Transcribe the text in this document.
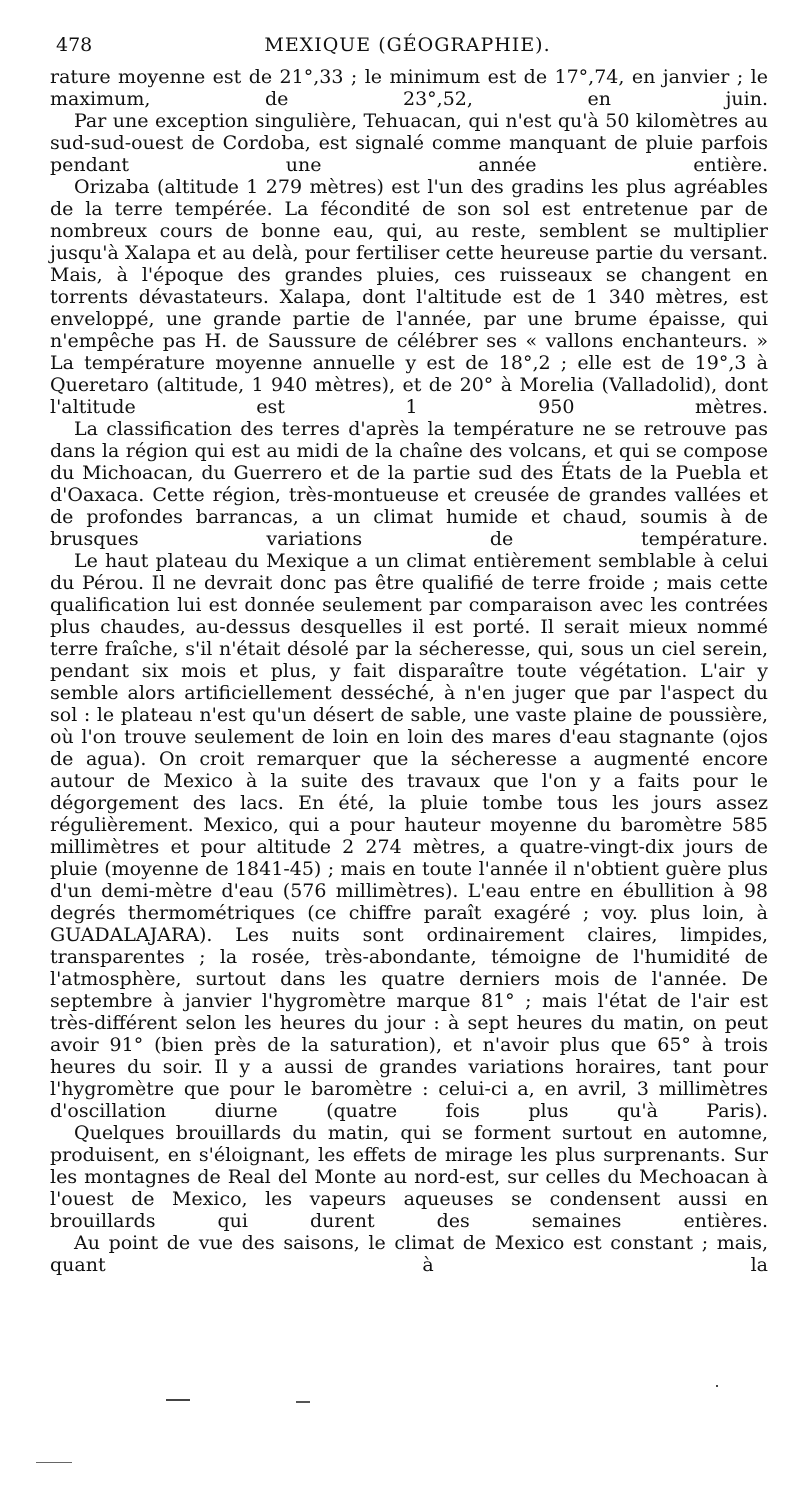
478	MEXIQUE (GÉOGRAPHIE).

rature moyenne est de 21°,33 ; le minimum est de 17°,74, en janvier ; le maximum, de 23°,52, en juin.

Par une exception singulière, Tehuacan, qui n'est qu'à 50 kilomètres au sud-sud-ouest de Cordoba, est signalé comme manquant de pluie parfois pendant une année entière.

Orizaba (altitude 1 279 mètres) est l'un des gradins les plus agréables de la terre tempérée. La fécondité de son sol est entretenue par de nombreux cours de bonne eau, qui, au reste, semblent se multiplier jusqu'à Xalapa et au delà, pour fertiliser cette heureuse partie du versant. Mais, à l'époque des grandes pluies, ces ruisseaux se changent en torrents dévastateurs. Xalapa, dont l'altitude est de 1 340 mètres, est enveloppé, une grande partie de l'année, par une brume épaisse, qui n'empêche pas H. de Saussure de célébrer ses « vallons enchanteurs. » La température moyenne annuelle y est de 18°,2 ; elle est de 19°,3 à Queretaro (altitude, 1 940 mètres), et de 20° à Morelia (Valladolid), dont l'altitude est 1 950 mètres.

La classification des terres d'après la température ne se retrouve pas dans la région qui est au midi de la chaîne des volcans, et qui se compose du Michoacan, du Guerrero et de la partie sud des États de la Puebla et d'Oaxaca. Cette région, très-montueuse et creusée de grandes vallées et de profondes barrancas, a un climat humide et chaud, soumis à de brusques variations de température.

Le haut plateau du Mexique a un climat entièrement semblable à celui du Pérou. Il ne devrait donc pas être qualifié de terre froide ; mais cette qualification lui est donnée seulement par comparaison avec les contrées plus chaudes, au-dessus desquelles il est porté. Il serait mieux nommé terre fraîche, s'il n'était désolé par la sécheresse, qui, sous un ciel serein, pendant six mois et plus, y fait disparaître toute végétation. L'air y semble alors artificiellement desséché, à n'en juger que par l'aspect du sol : le plateau n'est qu'un désert de sable, une vaste plaine de poussière, où l'on trouve seulement de loin en loin des mares d'eau stagnante (ojos de agua). On croit remarquer que la sécheresse a augmenté encore autour de Mexico à la suite des travaux que l'on y a faits pour le dégorgement des lacs. En été, la pluie tombe tous les jours assez régulièrement. Mexico, qui a pour hauteur moyenne du baromètre 585 millimètres et pour altitude 2 274 mètres, a quatre-vingt-dix jours de pluie (moyenne de 1841-45) ; mais en toute l'année il n'obtient guère plus d'un demi-mètre d'eau (576 millimètres). L'eau entre en ébullition à 98 degrés thermométriques (ce chiffre paraît exagéré ; voy. plus loin, à GUADALAJARA). Les nuits sont ordinairement claires, limpides, transparentes ; la rosée, très-abondante, témoigne de l'humidité de l'atmosphère, surtout dans les quatre derniers mois de l'année. De septembre à janvier l'hygromètre marque 81° ; mais l'état de l'air est très-différent selon les heures du jour : à sept heures du matin, on peut avoir 91° (bien près de la saturation), et n'avoir plus que 65° à trois heures du soir. Il y a aussi de grandes variations horaires, tant pour l'hygromètre que pour le baromètre : celui-ci a, en avril, 3 millimètres d'oscillation diurne (quatre fois plus qu'à Paris).

Quelques brouillards du matin, qui se forment surtout en automne, produisent, en s'éloignant, les effets de mirage les plus surprenants. Sur les montagnes de Real del Monte au nord-est, sur celles du Mechoacan à l'ouest de Mexico, les vapeurs aqueuses se condensent aussi en brouillards qui durent des semaines entières.

Au point de vue des saisons, le climat de Mexico est constant ; mais, quant à la
